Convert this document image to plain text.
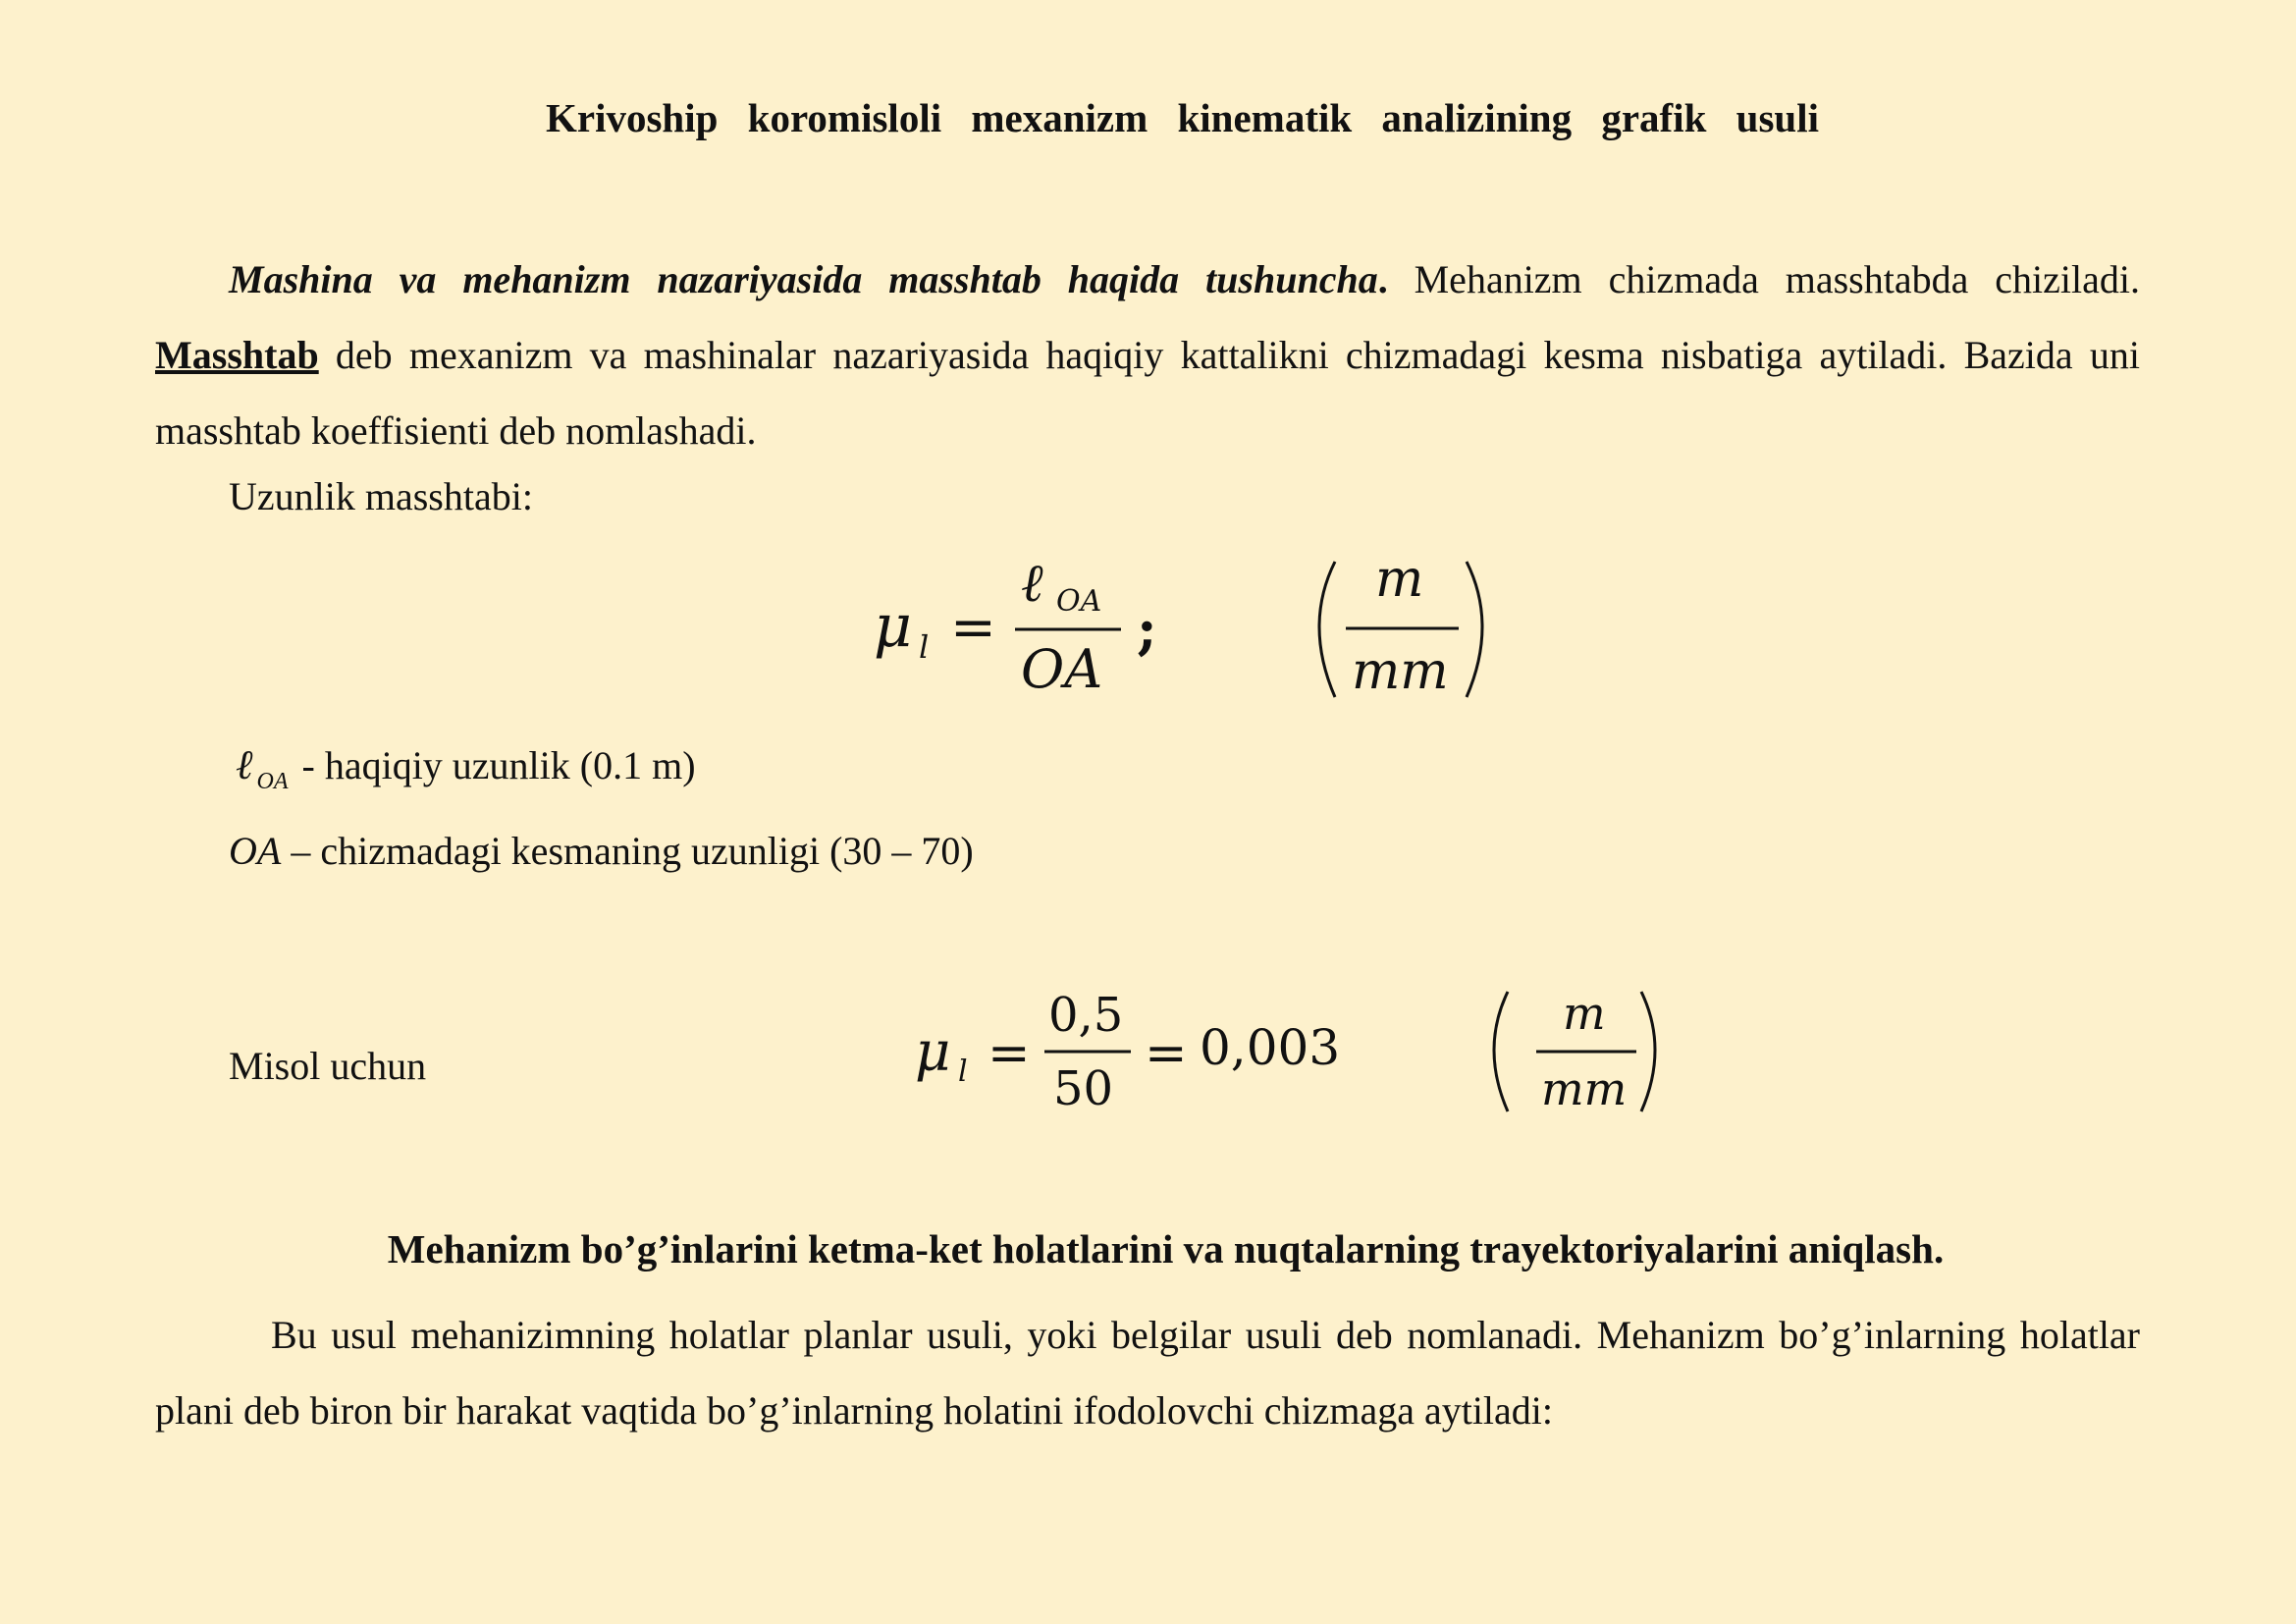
Krivoship koromisloli mexanizm kinematik analizining grafik usuli
Mashina va mehanizm nazariyasida masshtab haqida tushuncha. Mehanizm chizmada masshtabda chiziladi. Masshtab deb mexanizm va mashinalar nazariyasida haqiqiy kattalikni chizmadagi kesma nisbatiga aytiladi. Bazida uni masshtab koeffisienti deb nomlashadi.
Uzunlik masshtabi:
μ l =
ℓ OA
OA
;
m
mm
ℓ $_{OA}$ - haqiqiy uzunlik (0.1 m)
OA – chizmadagi kesmaning uzunligi (30 – 70)
Misol uchun	μ l =
0,5
50
= 0,003
m
mm
Mehanizm bo’g’inlarini ketma-ket holatlarini va nuqtalarning trayektoriyalarini aniqlash.
Bu usul mehanizimning holatlar planlar usuli, yoki belgilar usuli deb nomlanadi. Mehanizm bo’g’inlarning holatlar plani deb biron bir harakat vaqtida bo’g’inlarning holatini ifodolovchi chizmaga aytiladi:
